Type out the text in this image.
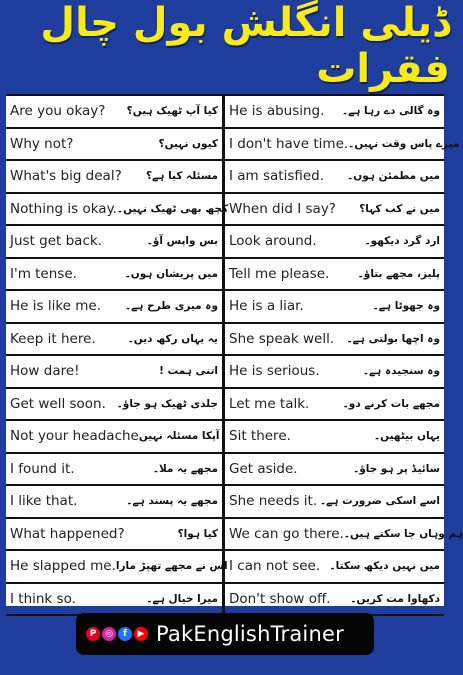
ڈیلی انگلش بول چال فقرات
Are you okay? کیا آپ ٹھیک ہیں؟ He is abusing. وہ گالی دے رہا ہے۔
Why not?	کیوں نہیں؟ I don't have time. میرے پاس وقت نہیں۔
What's big deal? مسئلہ کیا ہے؟ I am satisfied. میں مطمئن ہوں۔
Nothing is okay. کچھ بھی ٹھیک نہیں۔ When did I say? میں نے کب کہا؟
Just get back.	بس واپس آؤ۔ Look around.	ارد گرد دیکھو۔
I'm tense.	میں پریشان ہوں۔ Tell me please.	پلیز، مجھے بتاؤ۔
He is like me. وہ میری طرح ہے۔ He is a liar.	وہ جھوٹا ہے۔
Keep it here.	یہ یہاں رکھ دیں۔ She speak well. وہ اچھا بولتی ہے۔
How dare!	اتنی ہمت ! He is serious.	وہ سنجیدہ ہے۔
Get well soon. جلدی ٹھیک ہو جاؤ۔ Let me talk.	مجھے بات کرنے دو۔
Not your headache آپکا مسئلہ نہیں Sit there.	یہاں بیٹھیں۔
I found it.	مجھے یہ ملا۔ Get aside.	سائیڈ پر ہو جاؤ۔
I like that.	مجھے یہ پسند ہے۔ She needs it. اسے اسکی ضرورت ہے۔
What happened?	کیا ہوا؟ We can go there. ہم وہاں جا سکتے ہیں۔
He slapped me. اس نے مجھے تھپڑ مارا I can not see. میں نہیں دیکھ سکتا۔
I think so.	میرا خیال ہے۔ Don't show off. دکھاوا مت کریں۔
P ◎	f	▶ PakEnglishTrainer
